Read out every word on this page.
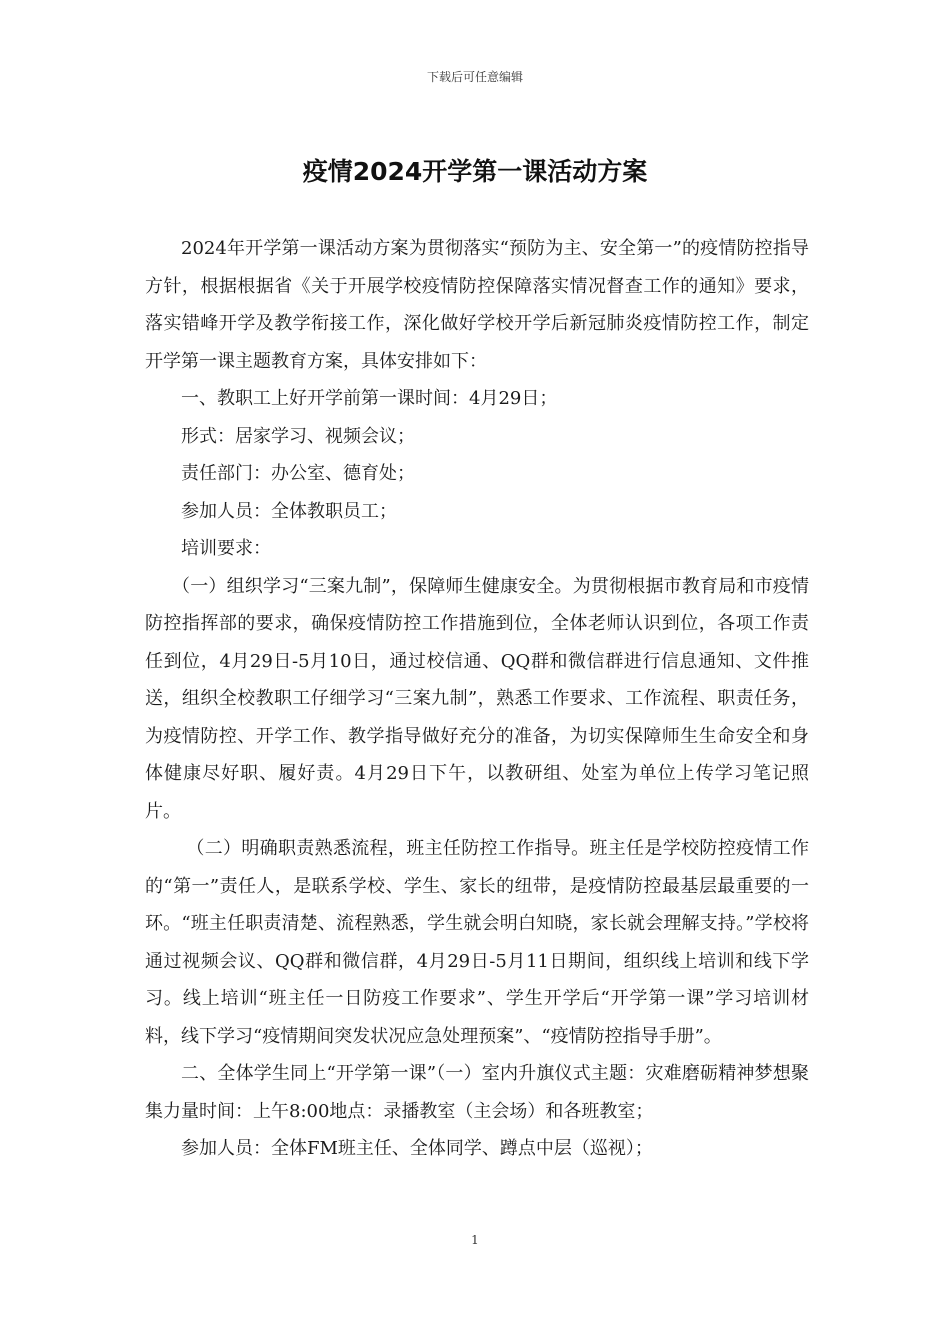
下载后可任意编辑
疫情2024开学第一课活动方案

2024年开学第一课活动方案为贯彻落实“预防为主、安全第一”的疫情防控指导方针，根据根据省《关于开展学校疫情防控保障落实情况督查工作的通知》要求，落实错峰开学及教学衔接工作，深化做好学校开学后新冠肺炎疫情防控工作，制定开学第一课主题教育方案，具体安排如下：

一、教职工上好开学前第一课时间：4月29日；

形式：居家学习、视频会议；

责任部门：办公室、德育处；

参加人员：全体教职员工；

培训要求：

（一）组织学习“三案九制”，保障师生健康安全。为贯彻根据市教育局和市疫情防控指挥部的要求，确保疫情防控工作措施到位，全体老师认识到位，各项工作责任到位，4月29日-5月10日，通过校信通、QQ群和微信群进行信息通知、文件推送，组织全校教职工仔细学习“三案九制”，熟悉工作要求、工作流程、职责任务，为疫情防控、开学工作、教学指导做好充分的准备，为切实保障师生生命安全和身体健康尽好职、履好责。4月29日下午，以教研组、处室为单位上传学习笔记照片。

（二）明确职责熟悉流程，班主任防控工作指导。班主任是学校防控疫情工作的“第一”责任人，是联系学校、学生、家长的纽带，是疫情防控最基层最重要的一环。“班主任职责清楚、流程熟悉，学生就会明白知晓，家长就会理解支持。”学校将通过视频会议、QQ群和微信群，4月29日-5月11日期间，组织线上培训和线下学习。线上培训“班主任一日防疫工作要求”、学生开学后“开学第一课”学习培训材料，线下学习“疫情期间突发状况应急处理预案”、“疫情防控指导手册”。

二、全体学生同上“开学第一课”（一）室内升旗仪式主题：灾难磨砺精神梦想聚集力量时间：上午8:00地点：录播教室（主会场）和各班教室；

参加人员：全体FM班主任、全体同学、蹲点中层（巡视）；

1
